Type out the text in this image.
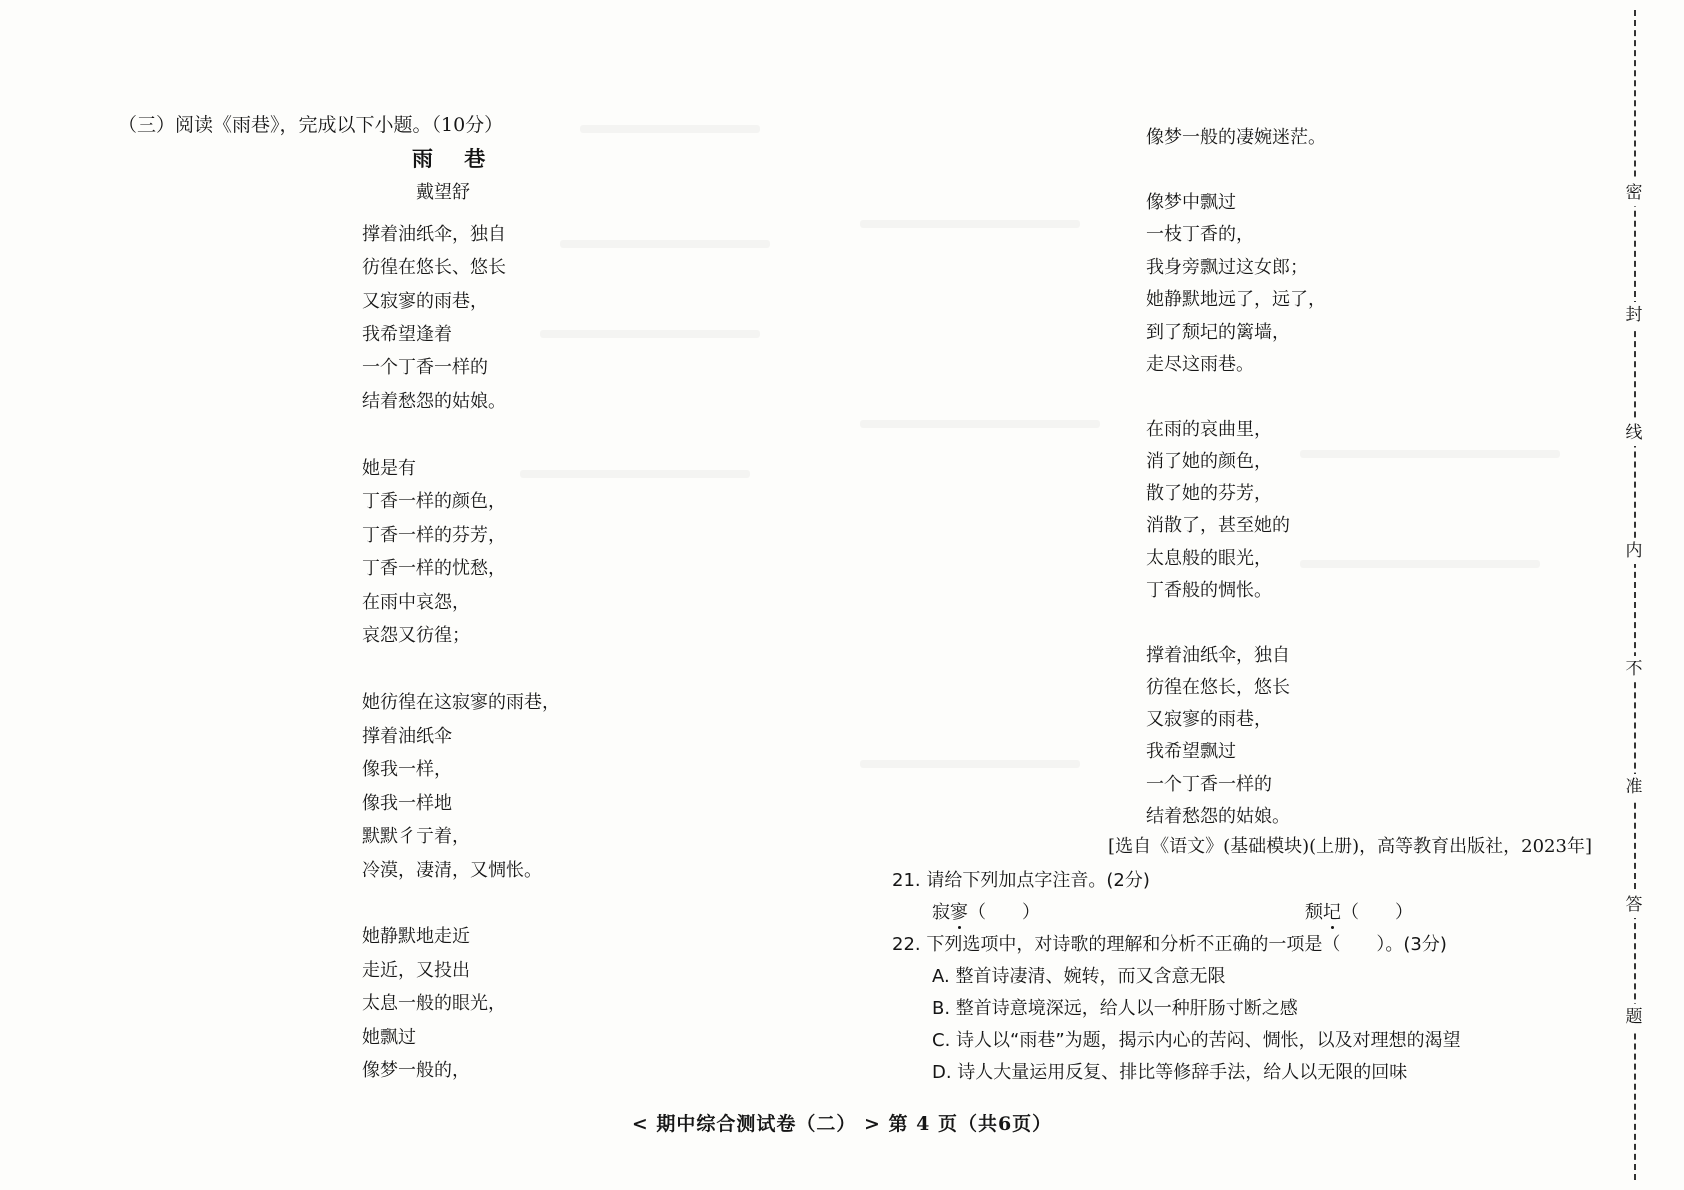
（三）阅读《雨巷》，完成以下小题。（10分）
雨 巷
戴望舒
撑着油纸伞，独自
彷徨在悠长、悠长
又寂寥的雨巷，
我希望逢着
一个丁香一样的
结着愁怨的姑娘。
她是有
丁香一样的颜色，
丁香一样的芬芳，
丁香一样的忧愁，
在雨中哀怨，
哀怨又彷徨；
她彷徨在这寂寥的雨巷，
撑着油纸伞
像我一样，
像我一样地
默默彳亍着，
冷漠，凄清，又惆怅。
她静默地走近
走近，又投出
太息一般的眼光，
她飘过
像梦一般的，
像梦一般的凄婉迷茫。
像梦中飘过
一枝丁香的，
我身旁飘过这女郎；
她静默地远了，远了，
到了颓圮的篱墙，
走尽这雨巷。
在雨的哀曲里，
消了她的颜色，
散了她的芬芳，
消散了，甚至她的
太息般的眼光，
丁香般的惆怅。
撑着油纸伞，独自
彷徨在悠长，悠长
又寂寥的雨巷，
我希望飘过
一个丁香一样的
结着愁怨的姑娘。
[选自《语文》(基础模块)(上册)，高等教育出版社，2023年]
21. 请给下列加点字注音。(2分)
寂寥（　　）	颓圮（　　）
22. 下列选项中，对诗歌的理解和分析不正确的一项是（　　）。(3分)
A. 整首诗凄清、婉转，而又含意无限
B. 整首诗意境深远，给人以一种肝肠寸断之感
C. 诗人以“雨巷”为题，揭示内心的苦闷、惆怅，以及对理想的渴望
D. 诗人大量运用反复、排比等修辞手法，给人以无限的回味
< 期中综合测试卷（二） > 第 4 页（共6页）
密
封
线
内
不
准
答
题
